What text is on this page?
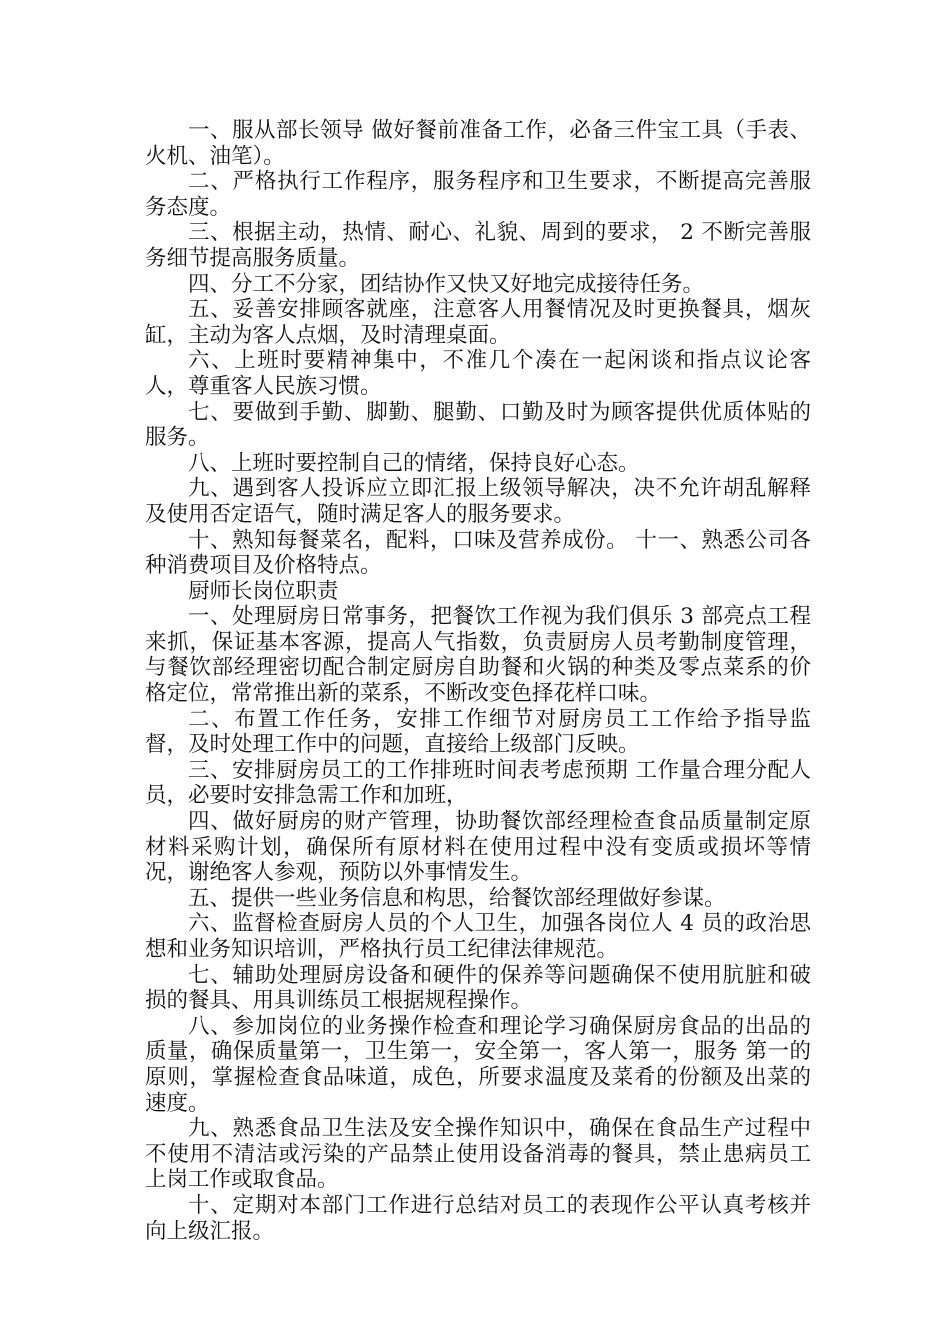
一、服从部长领导 做好餐前准备工作，必备三件宝工具（手表、火机、油笔）。

二、严格执行工作程序，服务程序和卫生要求，不断提高完善服务态度。

三、根据主动，热情、耐心、礼貌、周到的要求， 2 不断完善服务细节提高服务质量。

四、分工不分家，团结协作又快又好地完成接待任务。

五、妥善安排顾客就座，注意客人用餐情况及时更换餐具，烟灰缸，主动为客人点烟，及时清理桌面。

六、上班时要精神集中，不准几个凑在一起闲谈和指点议论客人，尊重客人民族习惯。

七、要做到手勤、脚勤、腿勤、口勤及时为顾客提供优质体贴的服务。

八、上班时要控制自己的情绪，保持良好心态。

九、遇到客人投诉应立即汇报上级领导解决，决不允许胡乱解释及使用否定语气，随时满足客人的服务要求。

十、熟知每餐菜名，配料，口味及营养成份。 十一、熟悉公司各种消费项目及价格特点。

厨师长岗位职责

一、处理厨房日常事务，把餐饮工作视为我们俱乐 3 部亮点工程来抓，保证基本客源，提高人气指数，负责厨房人员考勤制度管理，与餐饮部经理密切配合制定厨房自助餐和火锅的种类及零点菜系的价格定位，常常推出新的菜系，不断改变色择花样口味。

二、布置工作任务，安排工作细节对厨房员工工作给予指导监督，及时处理工作中的问题，直接给上级部门反映。

三、安排厨房员工的工作排班时间表考虑预期 工作量合理分配人员，必要时安排急需工作和加班，

四、做好厨房的财产管理，协助餐饮部经理检查食品质量制定原材料采购计划，确保所有原材料在使用过程中没有变质或损坏等情况，谢绝客人参观，预防以外事情发生。

五、提供一些业务信息和构思，给餐饮部经理做好参谋。

六、监督检查厨房人员的个人卫生，加强各岗位人 4 员的政治思想和业务知识培训，严格执行员工纪律法律规范。

七、辅助处理厨房设备和硬件的保养等问题确保不使用肮脏和破损的餐具、用具训练员工根据规程操作。

八、参加岗位的业务操作检查和理论学习确保厨房食品的出品的质量，确保质量第一，卫生第一，安全第一，客人第一，服务 第一的原则，掌握检查食品味道，成色，所要求温度及菜肴的份额及出菜的速度。

九、熟悉食品卫生法及安全操作知识中，确保在食品生产过程中不使用不清洁或污染的产品禁止使用设备消毒的餐具，禁止患病员工上岗工作或取食品。

十、定期对本部门工作进行总结对员工的表现作公平认真考核并向上级汇报。
